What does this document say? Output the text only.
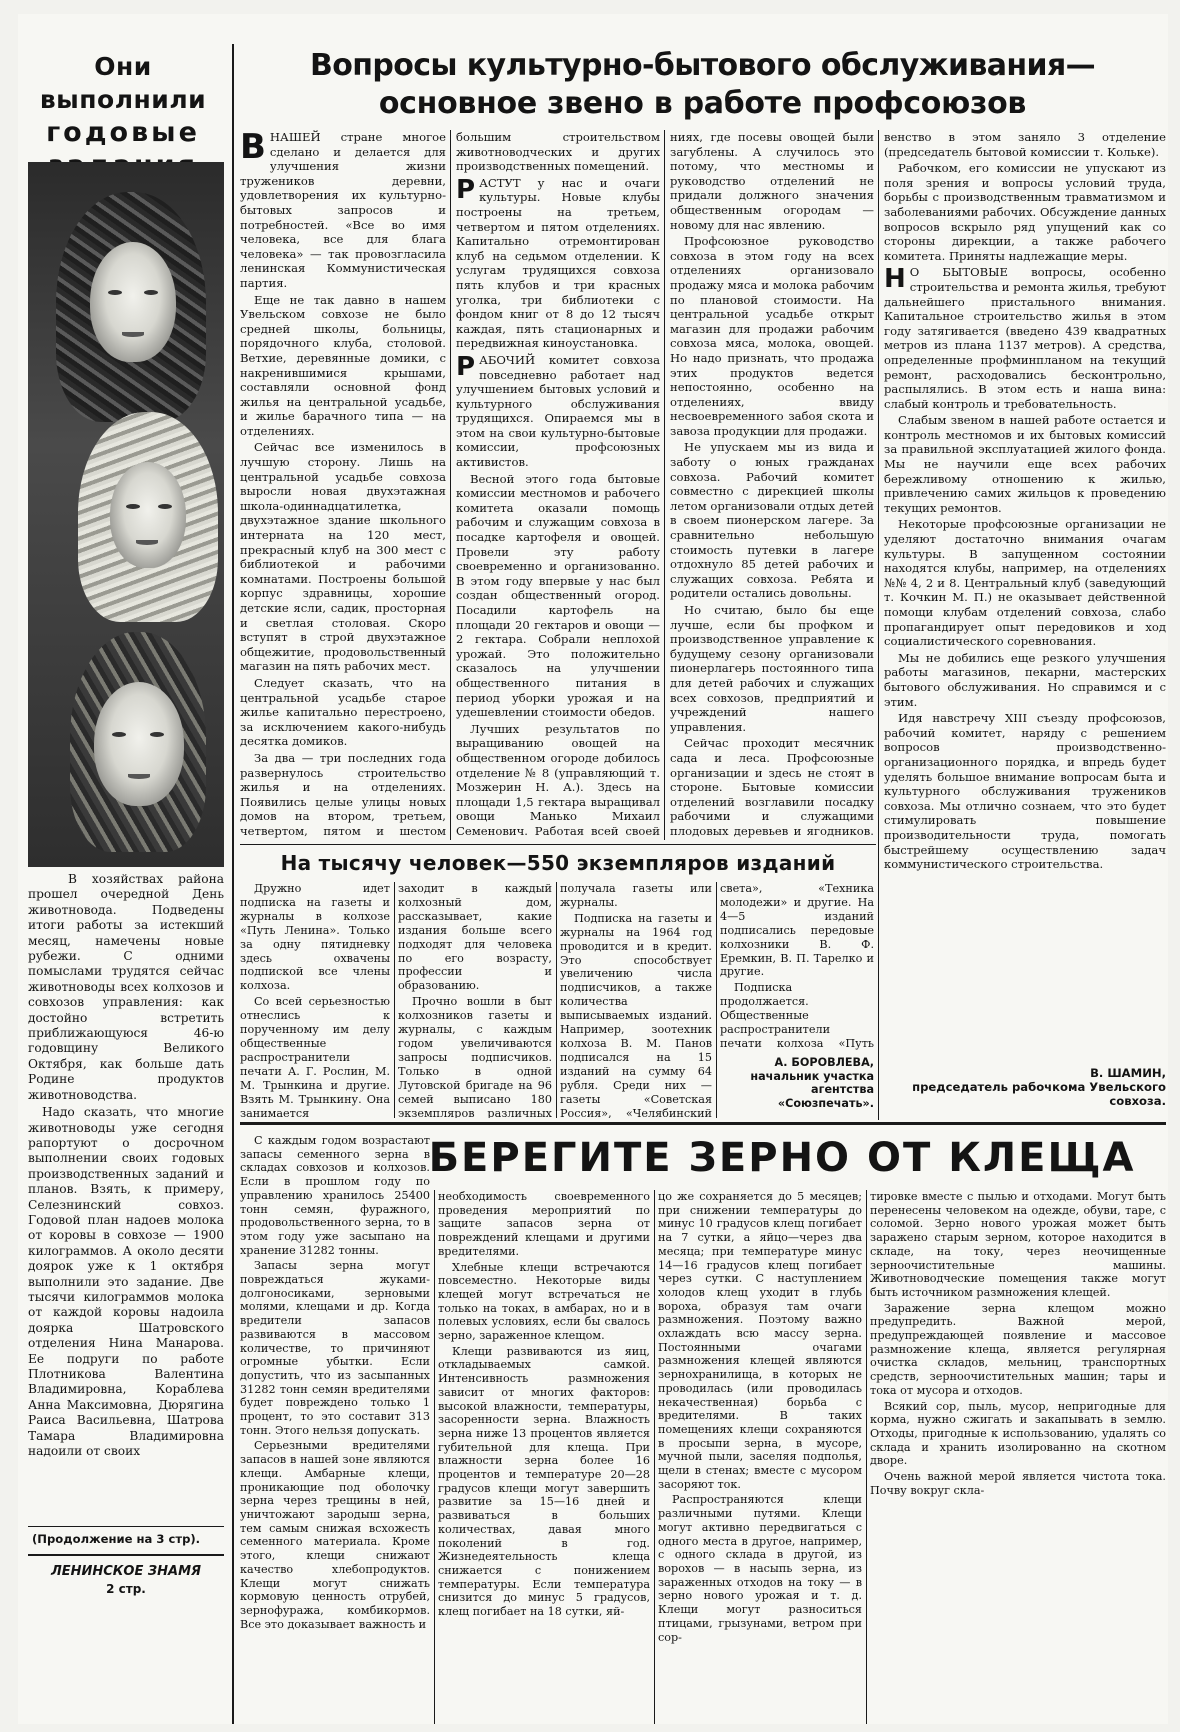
Они выполнили
годовые

В хозяйствах района прошел очередной День животновода. Подведены итоги работы за истекший месяц, намечены новые рубежи. С одними помыслами трудятся сейчас животноводы всех колхозов и совхозов управления: как достойно встретить приближающуюся 46-ю годовщину Великого Октября, как больше дать Родине продуктов животноводства.

Надо сказать, что многие животноводы уже сегодня рапортуют о досрочном выполнении своих годовых производственных заданий и планов. Взять, к примеру, Селезнинский совхоз. Годовой план надоев молока от коровы в совхозе — 1900 килограммов. А около десяти доярок уже к 1 октября выполнили это задание. Две тысячи килограммов молока от каждой коровы надоила доярка Шатровского отделения Нина Манарова. Ее подруги по работе Плотникова Валентина Владимировна, Кораблева Анна Максимовна, Дюрягина Раиса Васильевна, Шатрова Тамара Владимировна надоили от своих

(Продолжение на 3 стр).
ЛЕНИНСКОЕ ЗНАМЯ
2 стр.
Вопросы культурно-бытового обслуживания—
основное звено в работе профсоюзов
В НАШЕЙ стране многое сделано и делается для улучшения жизни тружеников деревни, удовлетворения их культурно-бытовых запросов и потребностей. «Все во имя человека, все для блага человека» — так провозгласила ленинская Коммунистическая партия.

Еще не так давно в нашем Увельском совхозе не было средней школы, больницы, порядочного клуба, столовой. Ветхие, деревянные домики, с накренившимися крышами, составляли основной фонд жилья на центральной усадьбе, и жилье барачного типа — на отделениях.

Сейчас все изменилось в лучшую сторону. Лишь на центральной усадьбе совхоза выросли новая двухэтажная школа-одиннадцатилетка, двухэтажное здание школьного интерната на 120 мест, прекрасный клуб на 300 мест с библиотекой и рабочими комнатами. Построены большой корпус здравницы, хорошие детские ясли, садик, просторная и светлая столовая. Скоро вступят в строй двухэтажное общежитие, продовольственный магазин на пять рабочих мест.

Следует сказать, что на центральной усадьбе старое жилье капитально перестроено, за исключением какого-нибудь десятка домиков.

За два — три последних года развернулось строительство жилья и на отделениях. Появились целые улицы новых домов на втором, третьем, четвертом, пятом и шестом

большим строительством животноводческих и других производственных помещений.

Р АСТУТ у нас и очаги культуры. Новые клубы построены на третьем, четвертом и пятом отделениях. Капитально отремонтирован клуб на седьмом отделении. К услугам трудящихся совхоза пять клубов и три красных уголка, три библиотеки с фондом книг от 8 до 12 тысяч каждая, пять стационарных и передвижная киноустановка.

Р АБОЧИЙ комитет совхоза повседневно работает над улучшением бытовых условий и культурного обслуживания трудящихся. Опираемся мы в этом на свои культурно-бытовые комиссии, профсоюзных активистов.

Весной этого года бытовые комиссии местномов и рабочего комитета оказали помощь рабочим и служащим совхоза в посадке картофеля и овощей. Провели эту работу своевременно и организованно. В этом году впервые у нас был создан общественный огород. Посадили картофель на площади 20 гектаров и овощи — 2 гектара. Собрали неплохой урожай. Это положительно сказалось на улучшении общественного питания в период уборки урожая и на удешевлении стоимости обедов.

Лучших результатов по выращиванию овощей на общественном огороде добилось отделение № 8 (управляющий т. Мозжерин Н. А.). Здесь на площади 1,5 гектара выращивал овощи Манько Михаил Семенович. Работая всей своей

ниях, где посевы овощей были загублены. А случилось это потому, что местномы и руководство отделений не придали должного значения общественным огородам —новому для нас явлению.

Профсоюзное руководство совхоза в этом году на всех отделениях организовало продажу мяса и молока рабочим по плановой стоимости. На центральной усадьбе открыт магазин для продажи рабочим совхоза мяса, молока, овощей. Но надо признать, что продажа этих продуктов ведется непостоянно, особенно на отделениях, ввиду несвоевременного забоя скота и завоза продукции для продажи.

Не упускаем мы из вида и заботу о юных гражданах совхоза. Рабочий комитет совместно с дирекцией школы летом организовали отдых детей в своем пионерском лагере. За сравнительно небольшую стоимость путевки в лагере отдохнуло 85 детей рабочих и служащих совхоза. Ребята и родители остались довольны.

Но считаю, было бы еще лучше, если бы профком и производственное управление к будущему сезону организовали пионерлагерь постоянного типа для детей рабочих и служащих всех совхозов, предприятий и учреждений нашего управления.

Сейчас проходит месячник сада и леса. Профсоюзные организации и здесь не стоят в стороне. Бытовые комиссии отделений возглавили посадку рабочими и служащими плодовых деревьев и ягодников.

венство в этом заняло 3 отделение (председатель бытовой комиссии т. Кольке).

Рабочком, его комиссии не упускают из поля зрения и вопросы условий труда, борьбы с производственным травматизмом и заболеваниями рабочих. Обсуждение данных вопросов вскрыло ряд упущений как со стороны дирекции, а также рабочего комитета. Приняты надлежащие меры.

Н О БЫТОВЫЕ вопросы, особенно строительства и ремонта жилья, требуют дальнейшего пристального внимания. Капитальное строительство жилья в этом году затягивается (введено 439 квадратных метров из плана 1137 метров). А средства, определенные профминпланом на текущий ремонт, расходовались бесконтрольно, распылялись. В этом есть и наша вина: слабый контроль и требовательность.

Слабым звеном в нашей работе остается и контроль местномов и их бытовых комиссий за правильной эксплуатацией жилого фонда. Мы не научили еще всех рабочих бережливому отношению к жилью, привлечению самих жильцов к проведению текущих ремонтов.

Некоторые профсоюзные организации не уделяют достаточно внимания очагам культуры. В запущенном состоянии находятся клубы, например, на отделениях №№ 4, 2 и 8. Центральный клуб (заведующий т. Кочкин М. П.) не оказывает действенной помощи клубам отделений совхоза, слабо пропагандирует опыт передовиков и ход социалистического соревнования.

Мы не добились еще резкого улучшения работы магазинов, пекарни, мастерских бытового обслуживания. Но справимся и с этим.

Идя навстречу XIII съезду профсоюзов, рабочий комитет, наряду с решением вопросов производственно-организационного порядка, и впредь будет уделять большое внимание вопросам быта и культурного обслуживания тружеников совхоза. Мы отлично сознаем, что это будет стимулировать повышение производительности труда, помогать быстрейшему осуществлению задач коммунистического строительства.

В. ШАМИН,
председатель рабочкома Увельского совхоза.
На тысячу человек—550 экземпляров изданий

Дружно идет подписка на газеты и журналы в колхозе «Путь Ленина». Только за одну пятидневку здесь охвачены подпиской все члены колхоза.

Со всей серьезностью отнеслись к порученному им делу общественные распространители печати А. Г. Рослин, М. М. Трынкина и другие. Взять М. Трынкину. Она занимается

заходит в каждый колхозный дом, рассказывает, какие издания больше всего подходят для человека по его возрасту, профессии и образованию.

Прочно вошли в быт колхозников газеты и журналы, с каждым годом увеличиваются запросы подписчиков. Только в одной Лутовской бригаде на 96 семей выписано 180 экземпляров различных

получала газеты или журналы.

Подписка на газеты и журналы на 1964 год проводится и в кредит. Это способствует увеличению числа подписчиков, а также количества выписываемых изданий. Например, зоотехник колхоза В. М. Панов подписался на 15 изданий на сумму 64 рубля. Среди них — газеты «Советская Россия», «Челябинский

света», «Техника молодежи» и другие. На 4—5 изданий подписались передовые колхозники В. Ф. Еремкин, В. П. Тарелко и другие.

Подписка продолжается. Общественные распространители печати колхоза «Путь

А. БОРОВЛЕВА,
начальник участка агентства «Союзпечать».
БЕРЕГИТЕ ЗЕРНО ОТ КЛЕЩА

С каждым годом возрастают запасы семенного зерна в складах совхозов и колхозов. Если в прошлом году по управлению хранилось 25400 тонн семян, фуражного, продовольственного зерна, то в этом году уже засыпано на хранение 31282 тонны.

Запасы зерна могут повреждаться жуками-долгоносиками, зерновыми молями, клещами и др. Когда вредители запасов развиваются в массовом количестве, то причиняют огромные убытки. Если допустить, что из засыпанных 31282 тонн семян вредителями будет повреждено только 1 процент, то это составит 313 тонн. Этого нельзя допускать.

Серьезными вредителями запасов в нашей зоне являются клещи. Амбарные клещи, проникающие под оболочку зерна через трещины в ней, уничтожают зародыш зерна, тем самым снижая всхожесть семенного материала. Кроме этого, клещи снижают качество хлебопродуктов. Клещи могут снижать кормовую ценность отрубей, зернофуража, комбикормов. Все это доказывает важность и

необходимость своевременного проведения мероприятий по защите запасов зерна от повреждений клещами и другими вредителями.

Хлебные клещи встречаются повсеместно. Некоторые виды клещей могут встречаться не только на токах, в амбарах, но и в полевых условиях, если бы свалось зерно, зараженное клещом.

Клещи развиваются из яиц, откладываемых самкой. Интенсивность размножения зависит от многих факторов: высокой влажности, температуры, засоренности зерна. Влажность зерна ниже 13 процентов является губительной для клеща. При влажности зерна более 16 процентов и температуре 20—28 градусов клещи могут завершить развитие за 15—16 дней и развиваться в больших количествах, давая много поколений в год. Жизнедеятельность клеща снижается с понижением температуры. Если температура снизится до минус 5 градусов, клещ погибает на 18 сутки, яй-

цо же сохраняется до 5 месяцев; при снижении температуры до минус 10 градусов клещ погибает на 7 сутки, а яйцо—через два месяца; при температуре минус 14—16 градусов клещ погибает через сутки. С наступлением холодов клещ уходит в глубь вороха, образуя там очаги размножения. Поэтому важно охлаждать всю массу зерна. Постоянными очагами размножения клещей являются зернохранилища, в которых не проводилась (или проводилась некачественная) борьба с вредителями. В таких помещениях клещи сохраняются в просыпи зерна, в мусоре, мучной пыли, заселяя подполья, щели в стенах; вместе с мусором засоряют ток.

Распространяются клещи различными путями. Клещи могут активно передвигаться с одного места в другое, например, с одного склада в другой, из ворохов — в насыпь зерна, из зараженных отходов на току — в зерно нового урожая и т. д. Клещи могут разноситься птицами, грызунами, ветром при сор-

тировке вместе с пылью и отходами. Могут быть перенесены человеком на одежде, обуви, таре, с соломой. Зерно нового урожая может быть заражено старым зерном, которое находится в складе, на току, через неочищенные зерноочистительные машины. Животноводческие помещения также могут быть источником размножения клещей.

Заражение зерна клещом можно предупредить. Важной мерой, предупреждающей появление и массовое размножение клеща, является регулярная очистка складов, мельниц, транспортных средств, зерноочистительных машин; тары и тока от мусора и отходов.

Всякий сор, пыль, мусор, непригодные для корма, нужно сжигать и закапывать в землю. Отходы, пригодные к использованию, удалять со склада и хранить изолированно на скотном дворе.

Очень важной мерой является чистота тока. Почву вокруг скла-
